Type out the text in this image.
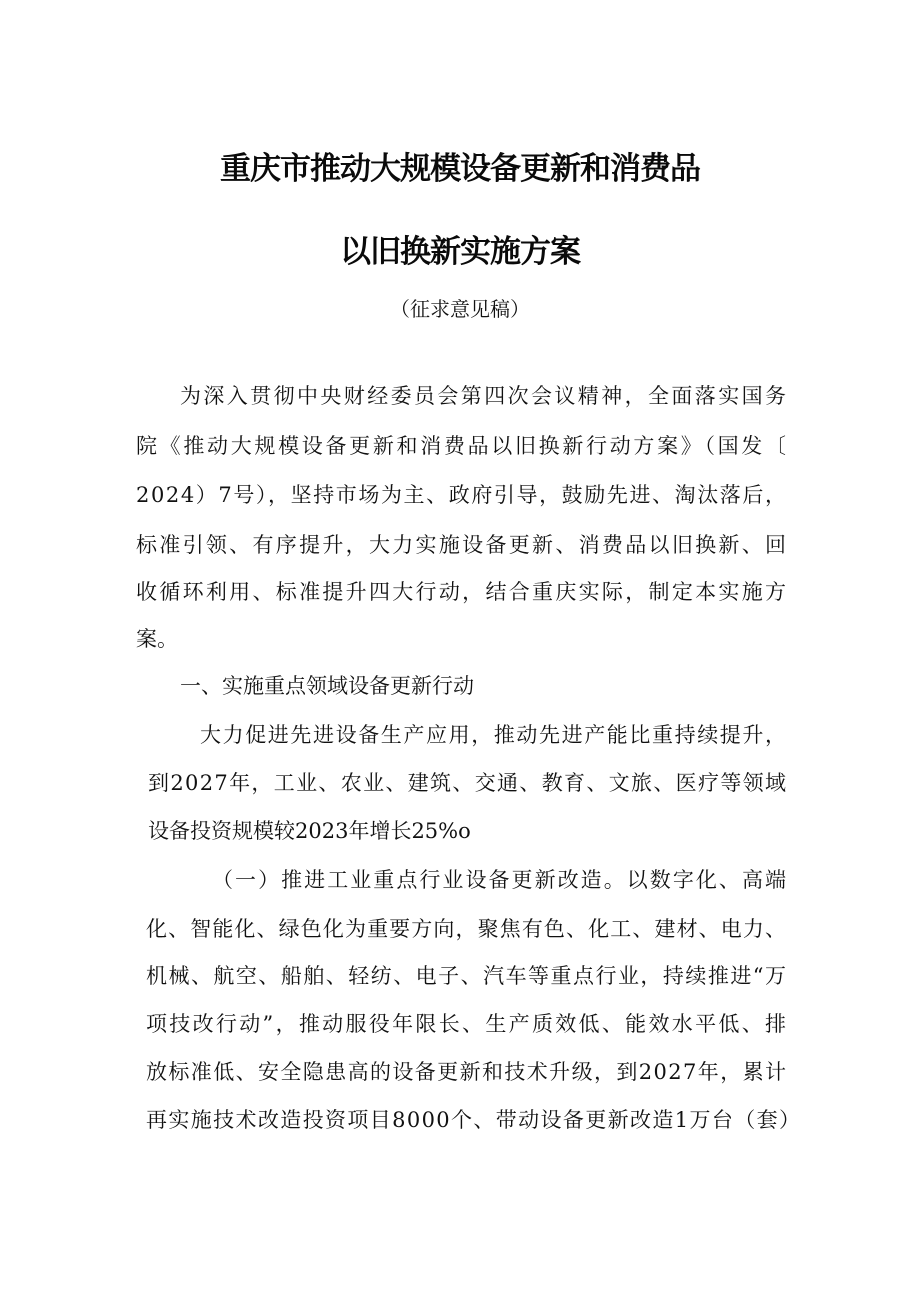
重庆市推动大规模设备更新和消费品
以旧换新实施方案
（征求意见稿）
为深入贯彻中央财经委员会第四次会议精神，全面落实国务
院《推动大规模设备更新和消费品以旧换新行动方案》（国发〔
2024）7号），坚持市场为主、政府引导，鼓励先进、淘汰落后，
标准引领、有序提升，大力实施设备更新、消费品以旧换新、回
收循环利用、标准提升四大行动，结合重庆实际，制定本实施方
案。
一、实施重点领域设备更新行动
大力促进先进设备生产应用，推动先进产能比重持续提升，
到2027年，工业、农业、建筑、交通、教育、文旅、医疗等领域
设备投资规模较2023年增长25%o
（一）推进工业重点行业设备更新改造。以数字化、高端
化、智能化、绿色化为重要方向，聚焦有色、化工、建材、电力、
机械、航空、船舶、轻纺、电子、汽车等重点行业，持续推进“万
项技改行动”，推动服役年限长、生产质效低、能效水平低、排
放标准低、安全隐患高的设备更新和技术升级，到2027年，累计
再实施技术改造投资项目8000个、带动设备更新改造1万台（套）
